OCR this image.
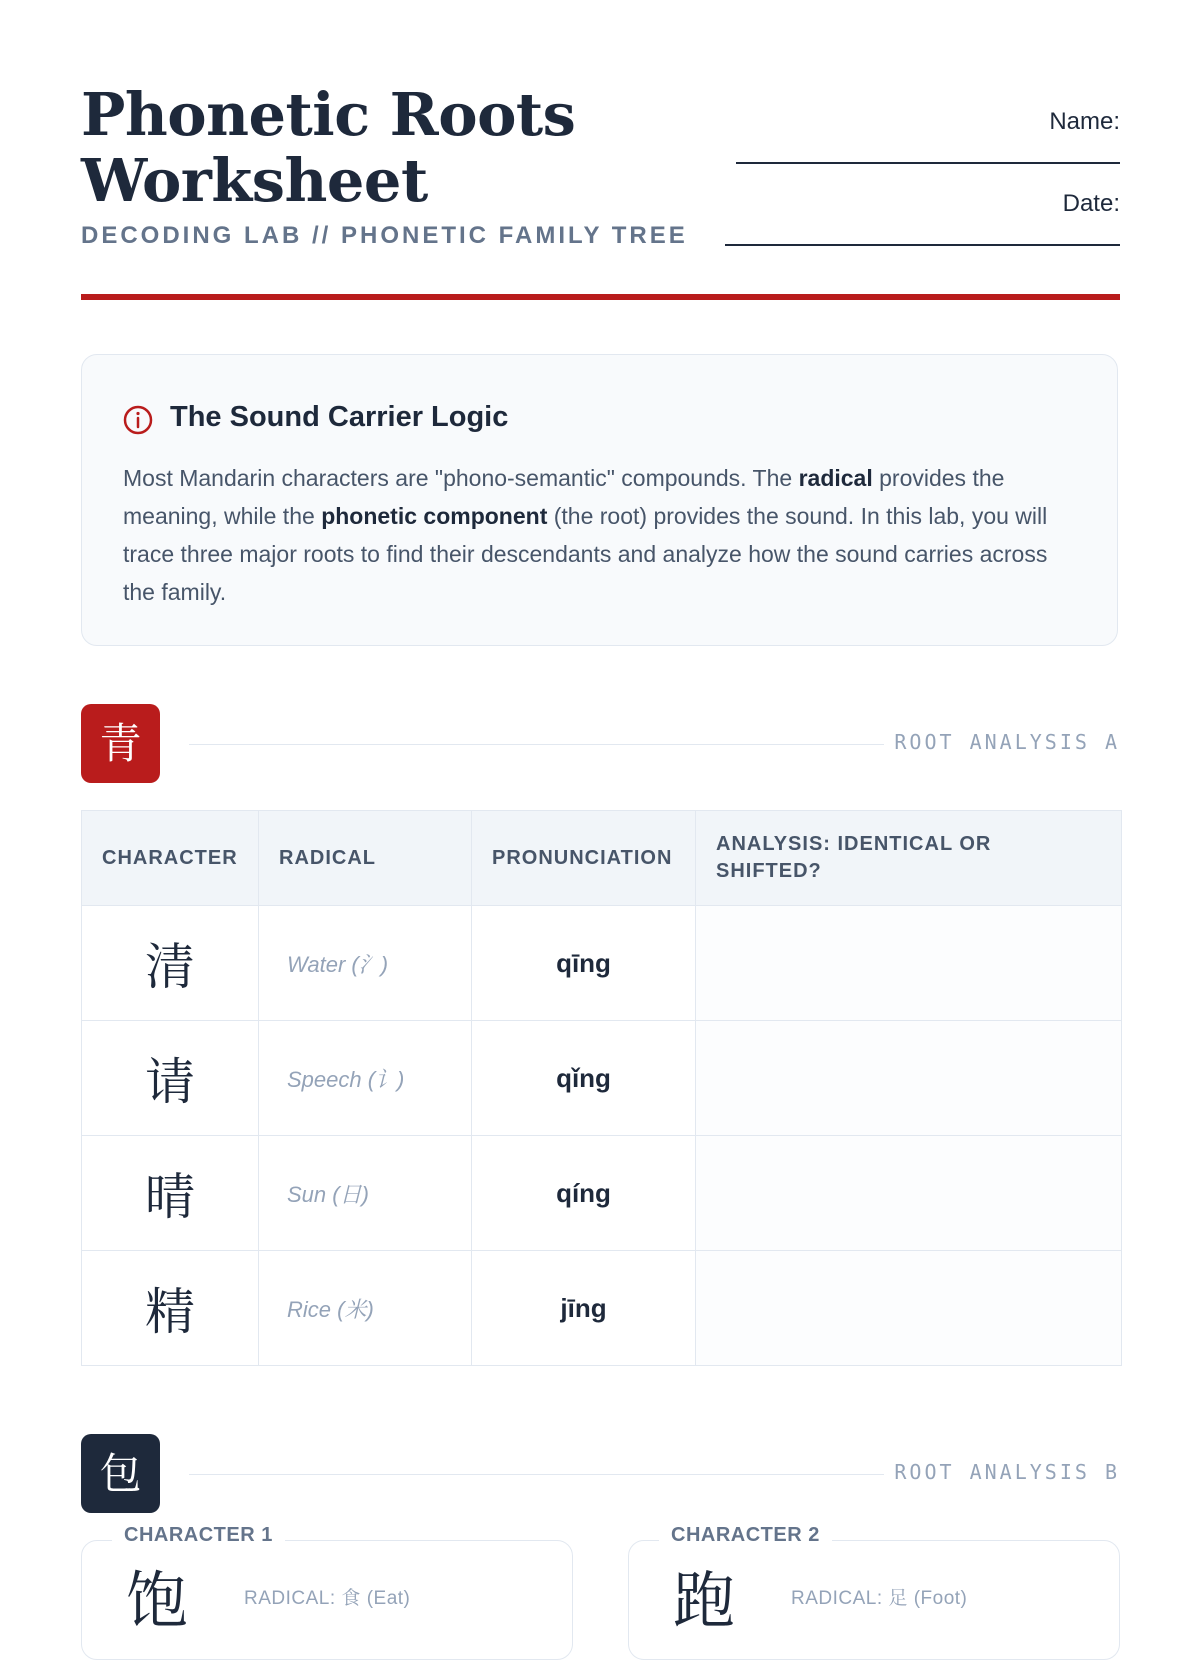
Phonetic Roots
Worksheet
DECODING LAB // PHONETIC FAMILY TREE
Name:
Date:
The Sound Carrier Logic

Most Mandarin characters are "phono-semantic" compounds. The radical provides the meaning, while the phonetic component (the root) provides the sound. In this lab, you will trace three major roots to find their descendants and analyze how the sound carries across the family.

青	ROOT ANALYSIS A
CHARACTER	RADICAL	PRONUNCIATION	ANALYSIS: IDENTICAL OR SHIFTED?
清	Water (氵)	qīng	
请	Speech (讠)	qǐng	
晴	Sun (日)	qíng	
精	Rice (米)	jīng	
包	ROOT ANALYSIS B
饱	RADICAL: 食 (Eat)
CHARACTER 1
跑	RADICAL: 足 (Foot)
CHARACTER 2
